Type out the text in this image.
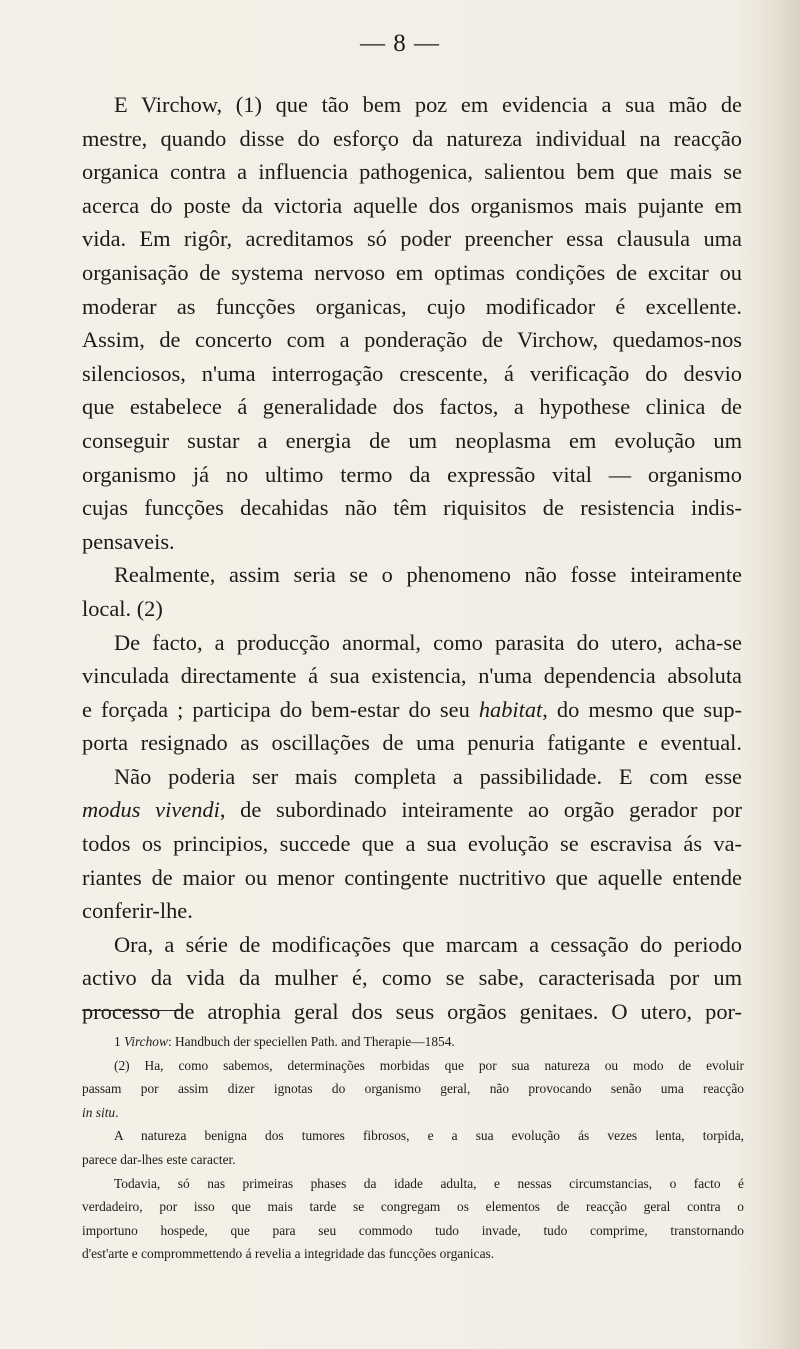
— 8 —
E Virchow, (1) que tão bem poz em evidencia a sua mão de
mestre, quando disse do esforço da natureza individual na reacção
organica contra a influencia pathogenica, salientou bem que mais se
acerca do poste da victoria aquelle dos organismos mais pujante em
vida. Em rigôr, acreditamos só poder preencher essa clausula uma
organisação de systema nervoso em optimas condições de excitar ou
moderar as funcções organicas, cujo modificador é excellente.
Assim, de concerto com a ponderação de Virchow, quedamos-nos
silenciosos, n'uma interrogação crescente, á verificação do desvio
que estabelece á generalidade dos factos, a hypothese clinica de
conseguir sustar a energia de um neoplasma em evolução um
organismo já no ultimo termo da expressão vital — organismo
cujas funcções decahidas não têm riquisitos de resistencia indis-
pensaveis.
Realmente, assim seria se o phenomeno não fosse inteiramente
local. (2)
De facto, a producção anormal, como parasita do utero, acha-se
vinculada directamente á sua existencia, n'uma dependencia absoluta
e forçada ; participa do bem-estar do seu habitat, do mesmo que sup-
porta resignado as oscillações de uma penuria fatigante e eventual.
Não poderia ser mais completa a passibilidade. E com esse
modus vivendi, de subordinado inteiramente ao orgão gerador por
todos os principios, succede que a sua evolução se escravisa ás va-
riantes de maior ou menor contingente nuctritivo que aquelle entende
conferir-lhe.
Ora, a série de modificações que marcam a cessação do periodo
activo da vida da mulher é, como se sabe, caracterisada por um
processo de atrophia geral dos seus orgãos genitaes. O utero, por-
1 Virchow: Handbuch der speciellen Path. and Therapie—1854.
(2) Ha, como sabemos, determinações morbidas que por sua natureza ou modo de evoluir
passam por assim dizer ignotas do organismo geral, não provocando senão uma reacção
in situ.
A natureza benigna dos tumores fibrosos, e a sua evolução ás vezes lenta, torpida,
parece dar-lhes este caracter.
Todavia, só nas primeiras phases da idade adulta, e nessas circumstancias, o facto é
verdadeiro, por isso que mais tarde se congregam os elementos de reacção geral contra o
importuno hospede, que para seu commodo tudo invade, tudo comprime, transtornando
d'est'arte e comprommettendo á revelia a integridade das funcções organicas.
